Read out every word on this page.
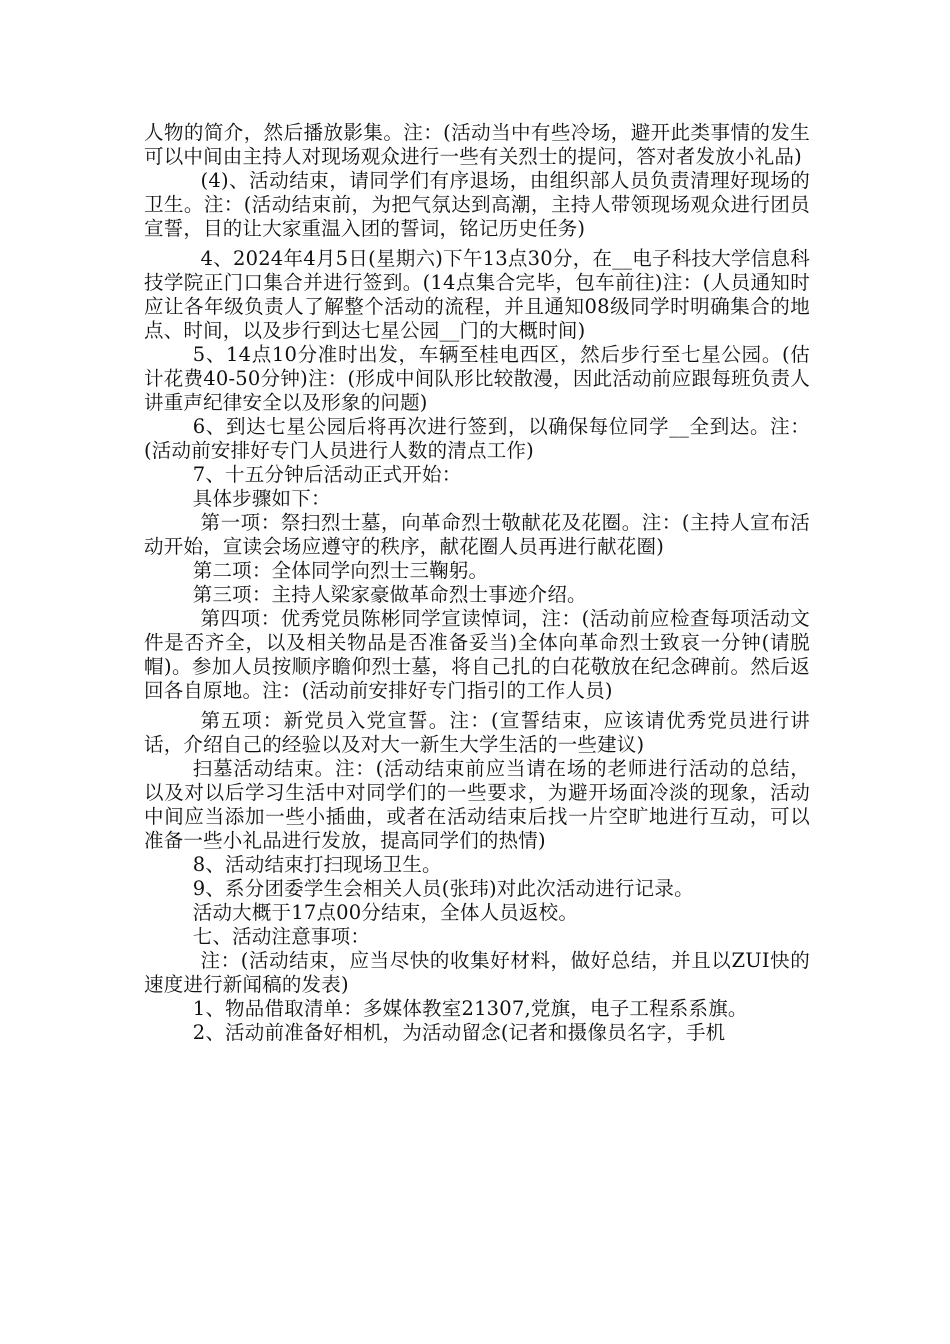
人物的简介，然后播放影集。注：(活动当中有些冷场，避开此类事情的发生可以中间由主持人对现场观众进行一些有关烈士的提问，答对者发放小礼品)

(4)、活动结束，请同学们有序退场，由组织部人员负责清理好现场的卫生。注：(活动结束前，为把气氛达到高潮，主持人带领现场观众进行团员宣誓，目的让大家重温入团的誓词，铭记历史任务)

4、2024年4月5日(星期六)下午13点30分，在__电子科技大学信息科技学院正门口集合并进行签到。(14点集合完毕，包车前往)注：(人员通知时应让各年级负责人了解整个活动的流程，并且通知08级同学时明确集合的地点、时间，以及步行到达七星公园__门的大概时间)

5、14点10分准时出发，车辆至桂电西区，然后步行至七星公园。(估计花费40-50分钟)注：(形成中间队形比较散漫，因此活动前应跟每班负责人讲重声纪律安全以及形象的问题)

6、到达七星公园后将再次进行签到，以确保每位同学__全到达。注：(活动前安排好专门人员进行人数的清点工作)

7、十五分钟后活动正式开始：

具体步骤如下：

第一项：祭扫烈士墓，向革命烈士敬献花及花圈。注：(主持人宣布活动开始，宣读会场应遵守的秩序，献花圈人员再进行献花圈)

第二项：全体同学向烈士三鞠躬。

第三项：主持人梁家豪做革命烈士事迹介绍。

第四项：优秀党员陈彬同学宣读悼词，注：(活动前应检查每项活动文件是否齐全，以及相关物品是否准备妥当)全体向革命烈士致哀一分钟(请脱帽)。参加人员按顺序瞻仰烈士墓，将自己扎的白花敬放在纪念碑前。然后返回各自原地。注：(活动前安排好专门指引的工作人员)

第五项：新党员入党宣誓。注：(宣誓结束，应该请优秀党员进行讲话，介绍自己的经验以及对大一新生大学生活的一些建议)

扫墓活动结束。注：(活动结束前应当请在场的老师进行活动的总结，以及对以后学习生活中对同学们的一些要求，为避开场面冷淡的现象，活动中间应当添加一些小插曲，或者在活动结束后找一片空旷地进行互动，可以准备一些小礼品进行发放，提高同学们的热情)

8、活动结束打扫现场卫生。

9、系分团委学生会相关人员(张玮)对此次活动进行记录。

活动大概于17点00分结束，全体人员返校。

七、活动注意事项：

注：(活动结束，应当尽快的收集好材料，做好总结，并且以ZUI快的速度进行新闻稿的发表)

1、物品借取清单：多媒体教室21307,党旗，电子工程系系旗。

2、活动前准备好相机，为活动留念(记者和摄像员名字，手机
